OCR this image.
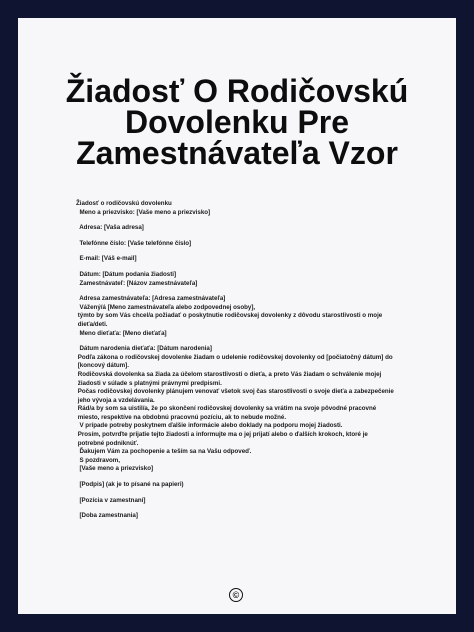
Žiadosť O Rodičovskú
Dovolenku Pre
Zamestnávateľa Vzor
Žiadosť o rodičovskú dovolenku
Meno a priezvisko: [Vaše meno a priezvisko]
Adresa: [Vaša adresa]
Telefónne číslo: [Vaše telefónne číslo]
E-mail: [Váš e-mail]
Dátum: [Dátum podania žiadosti]
Zamestnávateľ: [Názov zamestnávateľa]
Adresa zamestnávateľa: [Adresa zamestnávateľa]
Vážený/á [Meno zamestnávateľa alebo zodpovednej osoby],
týmto by som Vás chcel/a požiadať o poskytnutie rodičovskej dovolenky z dôvodu starostlivosti o moje
dieťa/deti.
Meno dieťaťa: [Meno dieťaťa]
Dátum narodenia dieťaťa: [Dátum narodenia]
Podľa zákona o rodičovskej dovolenke žiadam o udelenie rodičovskej dovolenky od [počiatočný dátum] do
[koncový dátum].
Rodičovská dovolenka sa žiada za účelom starostlivosti o dieťa, a preto Vás žiadam o schválenie mojej
žiadosti v súlade s platnými právnymi predpismi.
Počas rodičovskej dovolenky plánujem venovať všetok svoj čas starostlivosti o svoje dieťa a zabezpečenie
jeho vývoja a vzdelávania.
Rád/a by som sa uistil/a, že po skončení rodičovskej dovolenky sa vrátim na svoje pôvodné pracovné
miesto, respektíve na obdobnú pracovnú pozíciu, ak to nebude možné.
V prípade potreby poskytnem ďalšie informácie alebo doklady na podporu mojej žiadosti.
Prosím, potvrďte prijatie tejto žiadosti a informujte ma o jej prijatí alebo o ďalších krokoch, ktoré je
potrebné podniknúť.
Ďakujem Vám za pochopenie a teším sa na Vašu odpoveď.
S pozdravom,
[Vaše meno a priezvisko]
[Podpis] (ak je to písané na papieri)
[Pozícia v zamestnaní]
[Doba zamestnania]
©
